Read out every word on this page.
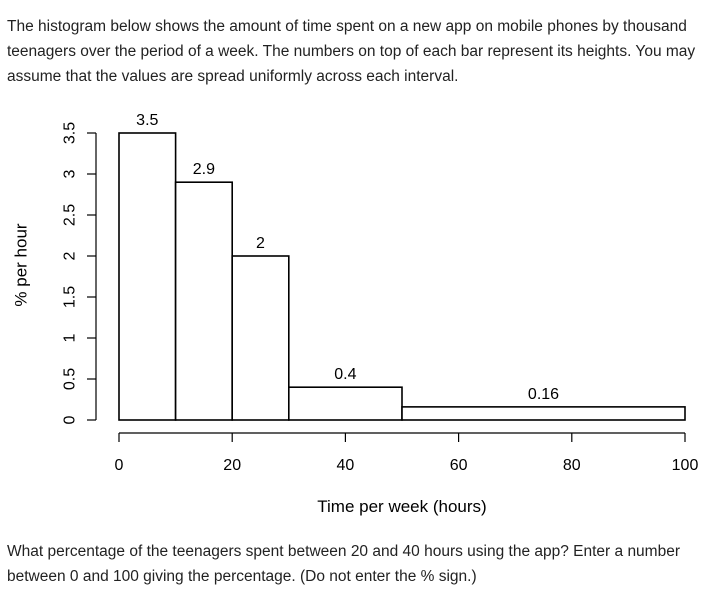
The histogram below shows the amount of time spent on a new app on mobile phones by thousand teenagers over the period of a week. The numbers on top of each bar represent its heights. You may assume that the values are spread uniformly across each interval.

3.5
2.9
2
0.4
0.16
0
0.5
1
1.5
2
2.5
3
3.5
0	20	40	60	80	100
% per hour
Time per week (hours)

What percentage of the teenagers spent between 20 and 40 hours using the app? Enter a number between 0 and 100 giving the percentage. (Do not enter the % sign.)
